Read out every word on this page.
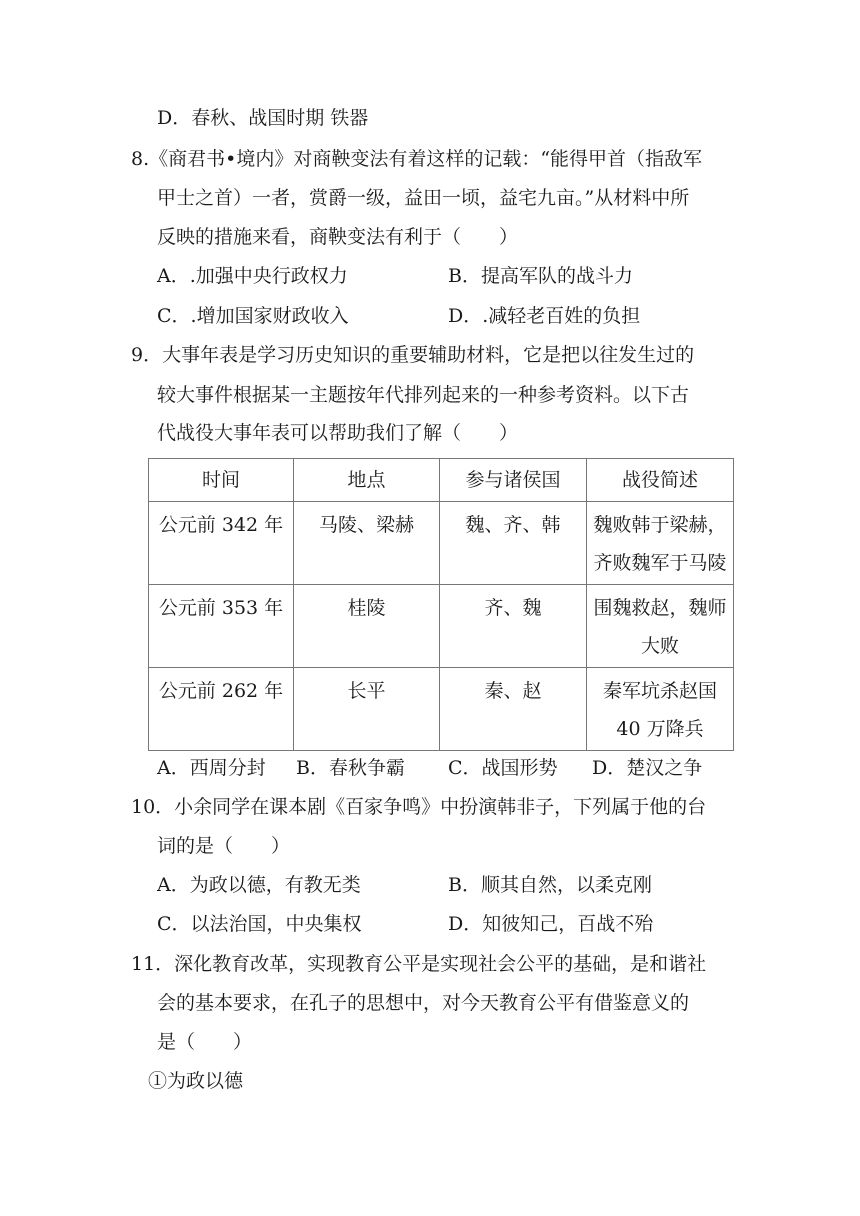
D．春秋、战国时期 铁器
8.《商君书•境内》对商鞅变法有着这样的记载：“能得甲首（指敌军
甲士之首）一者，赏爵一级，益田一顷，益宅九亩。”从材料中所
反映的措施来看，商鞅变法有利于（　　）
A．.加强中央行政权力	B．提高军队的战斗力
C．.增加国家财政收入	D．.减轻老百姓的负担
9．大事年表是学习历史知识的重要辅助材料，它是把以往发生过的
较大事件根据某一主题按年代排列起来的一种参考资料。以下古
代战役大事年表可以帮助我们了解（　　）
时间	地点	参与诸侯国	战役简述
公元前 342 年	马陵、梁赫	魏、齐、韩	魏败韩于梁赫，
齐败魏军于马陵

公元前 353 年	桂陵	齐、魏	围魏救赵，魏师
大败

公元前 262 年	长平	秦、赵	秦军坑杀赵国
40 万降兵
A．西周分封 B．春秋争霸 C．战国形势 D．楚汉之争
10．小余同学在课本剧《百家争鸣》中扮演韩非子，下列属于他的台
词的是（　　）
A．为政以德，有教无类	B．顺其自然，以柔克刚
C．以法治国，中央集权	D．知彼知己，百战不殆
11．深化教育改革，实现教育公平是实现社会公平的基础，是和谐社
会的基本要求，在孔子的思想中，对今天教育公平有借鉴意义的
是（　　）
①为政以德
